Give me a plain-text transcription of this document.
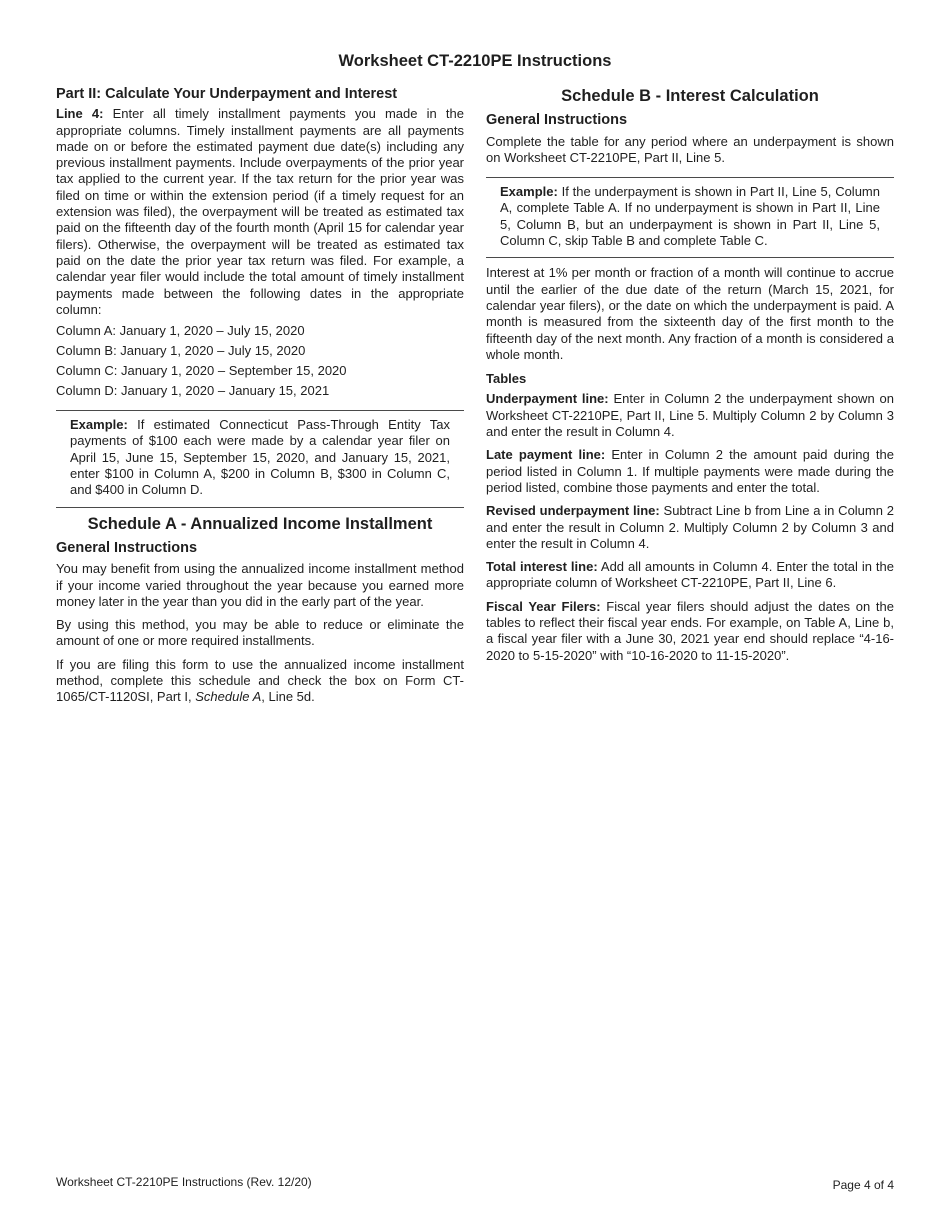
Worksheet CT-2210PE Instructions
Part II: Calculate Your Underpayment and Interest

Line 4: Enter all timely installment payments you made in the appropriate columns. Timely installment payments are all payments made on or before the estimated payment due date(s) including any previous installment payments. Include overpayments of the prior year tax applied to the current year. If the tax return for the prior year was filed on time or within the extension period (if a timely request for an extension was filed), the overpayment will be treated as estimated tax paid on the fifteenth day of the fourth month (April 15 for calendar year filers). Otherwise, the overpayment will be treated as estimated tax paid on the date the prior year tax return was filed. For example, a calendar year filer would include the total amount of timely installment payments made between the following dates in the appropriate column:

Column A: January 1, 2020 – July 15, 2020

Column B: January 1, 2020 – July 15, 2020

Column C: January 1, 2020 – September 15, 2020

Column D: January 1, 2020 – January 15, 2021

Example: If estimated Connecticut Pass-Through Entity Tax payments of $100 each were made by a calendar year filer on April 15, June 15, September 15, 2020, and January 15, 2021, enter $100 in Column A, $200 in Column B, $300 in Column C, and $400 in Column D.

Schedule A - Annualized Income Installment
General Instructions

You may benefit from using the annualized income installment method if your income varied throughout the year because you earned more money later in the year than you did in the early part of the year.

By using this method, you may be able to reduce or eliminate the amount of one or more required installments.

If you are filing this form to use the annualized income installment method, complete this schedule and check the box on Form CT-1065/CT-1120SI, Part I, Schedule A, Line 5d.

Schedule B - Interest Calculation
General Instructions

Complete the table for any period where an underpayment is shown on Worksheet CT-2210PE, Part II, Line 5.

Example: If the underpayment is shown in Part II, Line 5, Column A, complete Table A. If no underpayment is shown in Part II, Line 5, Column B, but an underpayment is shown in Part II, Line 5, Column C, skip Table B and complete Table C.

Interest at 1% per month or fraction of a month will continue to accrue until the earlier of the due date of the return (March 15, 2021, for calendar year filers), or the date on which the underpayment is paid. A month is measured from the sixteenth day of the first month to the fifteenth day of the next month. Any fraction of a month is considered a whole month.

Tables

Underpayment line: Enter in Column 2 the underpayment shown on Worksheet CT-2210PE, Part II, Line 5. Multiply Column 2 by Column 3 and enter the result in Column 4.

Late payment line: Enter in Column 2 the amount paid during the period listed in Column 1. If multiple payments were made during the period listed, combine those payments and enter the total.

Revised underpayment line: Subtract Line b from Line a in Column 2 and enter the result in Column 2. Multiply Column 2 by Column 3 and enter the result in Column 4.

Total interest line: Add all amounts in Column 4. Enter the total in the appropriate column of Worksheet CT-2210PE, Part II, Line 6.

Fiscal Year Filers: Fiscal year filers should adjust the dates on the tables to reflect their fiscal year ends. For example, on Table A, Line b, a fiscal year filer with a June 30, 2021 year end should replace “4-16-2020 to 5-15-2020” with “10-16-2020 to 11-15-2020”.

Worksheet CT-2210PE Instructions (Rev. 12/20)	Page 4 of 4
